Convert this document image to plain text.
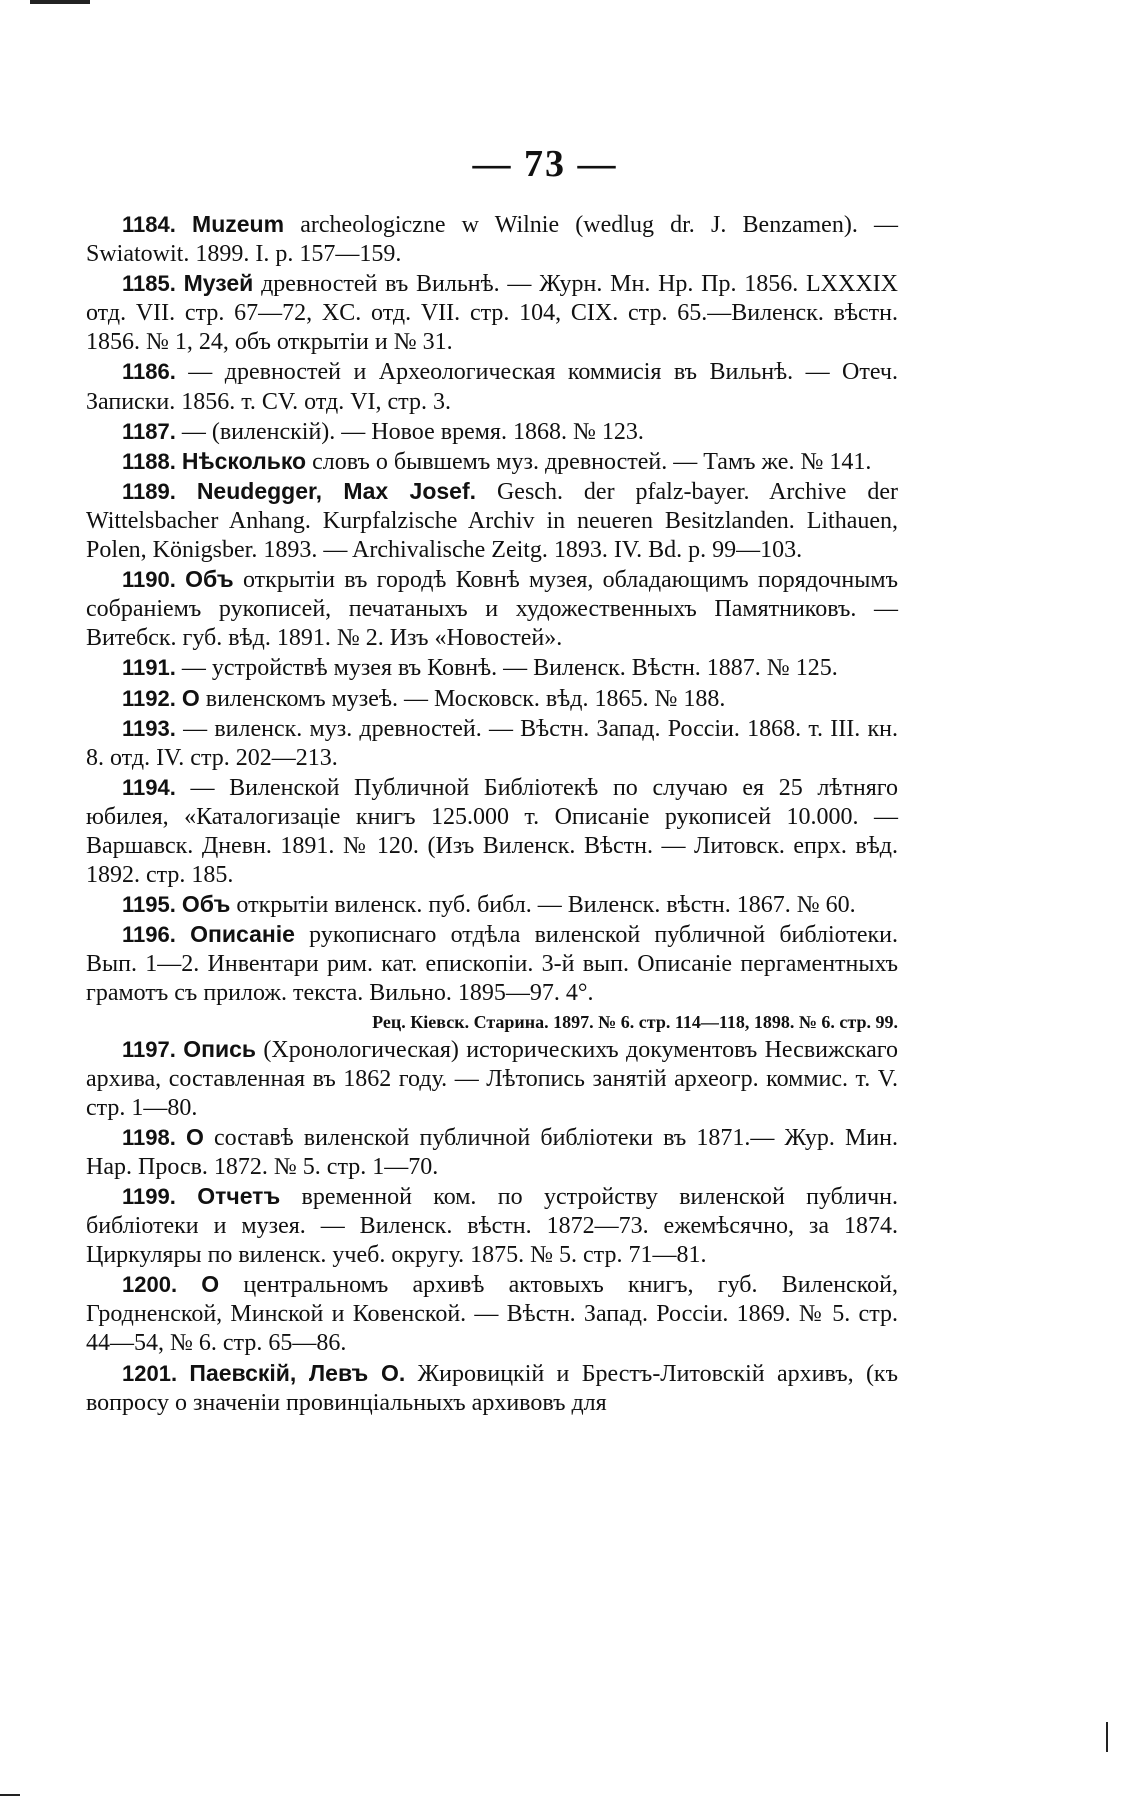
— 73 —

1184. Muzeum archeologiczne w Wilnie (wedlug dr. J. Benzamen). — Swiatowit. 1899. I. p. 157—159.

1185. Музей древностей въ Вильнѣ. — Журн. Мн. Нр. Пр. 1856. LXXXIX отд. VII. стр. 67—72, XC. отд. VII. стр. 104, CIX. стр. 65.—Виленск. вѣстн. 1856. № 1, 24, объ открытіи и № 31.

1186. — древностей и Археологическая коммисія въ Вильнѣ. — Отеч. Записки. 1856. т. CV. отд. VI, стр. 3.

1187. — (виленскій). — Новое время. 1868. № 123.

1188. Нѣсколько словъ о бывшемъ муз. древностей. — Тамъ же. № 141.

1189. Neudegger, Max Josef. Gesch. der pfalz-bayer. Archive der Wittelsbacher Anhang. Kurpfalzische Archiv in neueren Besitzlanden. Lithauen, Polen, Königsber. 1893. — Archivalische Zeitg. 1893. IV. Bd. p. 99—103.

1190. Объ открытіи въ городѣ Ковнѣ музея, обладающимъ порядочнымъ собраніемъ рукописей, печатаныхъ и художественныхъ Памятниковъ. — Витебск. губ. вѣд. 1891. № 2. Изъ «Новостей».

1191. — устройствѣ музея въ Ковнѣ. — Виленск. Вѣстн. 1887. № 125.

1192. О виленскомъ музеѣ. — Московск. вѣд. 1865. № 188.

1193. — виленск. муз. древностей. — Вѣстн. Запад. Россіи. 1868. т. III. кн. 8. отд. IV. стр. 202—213.

1194. — Виленской Публичной Библіотекѣ по случаю ея 25 лѣтняго юбилея, «Каталогизаціе книгъ 125.000 т. Описаніе рукописей 10.000. — Варшавск. Дневн. 1891. № 120. (Изъ Виленск. Вѣстн. — Литовск. епрх. вѣд. 1892. стр. 185.

1195. Объ открытіи виленск. пуб. библ. — Виленск. вѣстн. 1867. № 60.

1196. Описаніе рукописнаго отдѣла виленской публичной библіотеки. Вып. 1—2. Инвентари рим. кат. епископіи. 3-й вып. Описаніе пергаментныхъ грамотъ съ прилож. текста. Вильно. 1895—97. 4°.

Рец. Кіевск. Старина. 1897. № 6. стр. 114—118, 1898. № 6. стр. 99.

1197. Опись (Хронологическая) историческихъ документовъ Несвижскаго архива, составленная въ 1862 году. — Лѣтопись занятій археогр. коммис. т. V. стр. 1—80.

1198. О составѣ виленской публичной библіотеки въ 1871.— Жур. Мин. Нар. Просв. 1872. № 5. стр. 1—70.

1199. Отчетъ временной ком. по устройству виленской публичн. библіотеки и музея. — Виленск. вѣстн. 1872—73. ежемѣсячно, за 1874. Циркуляры по виленск. учеб. округу. 1875. № 5. стр. 71—81.

1200. О центральномъ архивѣ актовыхъ книгъ, губ. Виленской, Гродненской, Минской и Ковенской. — Вѣстн. Запад. Россіи. 1869. № 5. стр. 44—54, № 6. стр. 65—86.

1201. Паевскій, Левъ О. Жировицкій и Брестъ-Литовскій архивъ, (къ вопросу о значеніи провинціальныхъ архивовъ для
